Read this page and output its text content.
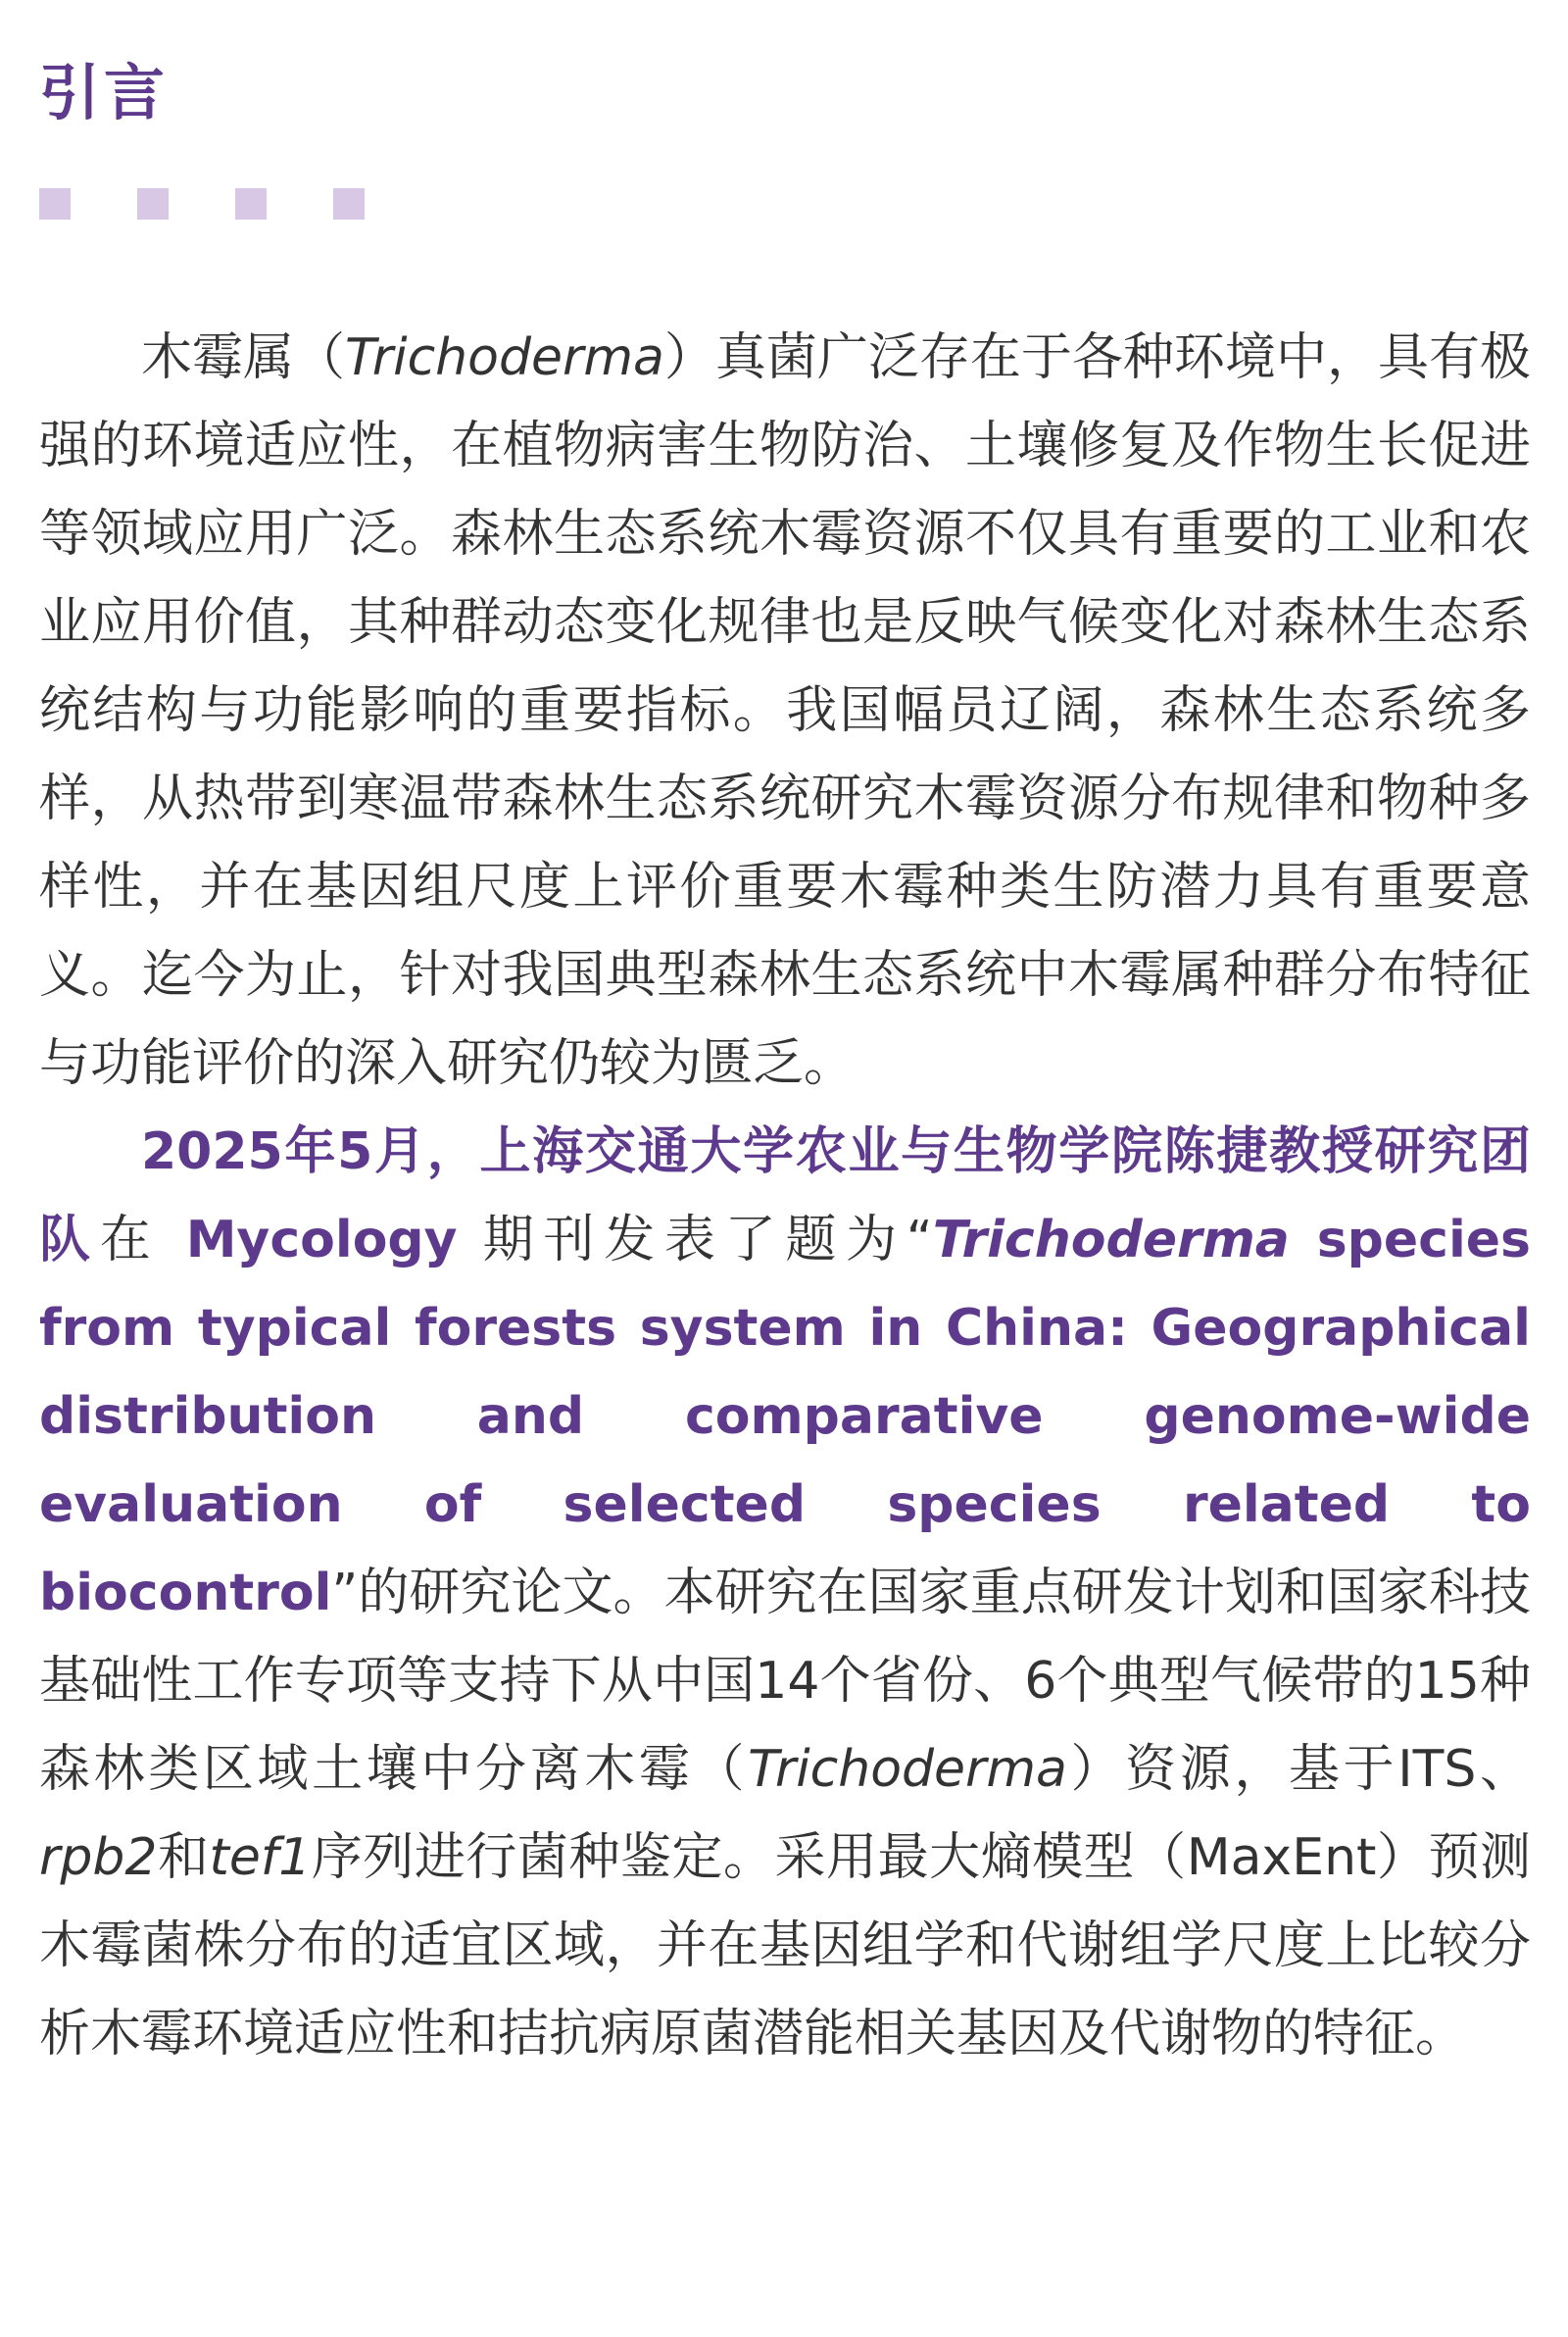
引言

木霉属（Trichoderma）真菌广泛存在于各种环境中，具有极强的环境适应性，在植物病害生物防治、土壤修复及作物生长促进等领域应用广泛。森林生态系统木霉资源不仅具有重要的工业和农业应用价值，其种群动态变化规律也是反映气候变化对森林生态系统结构与功能影响的重要指标。我国幅员辽阔，森林生态系统多样，从热带到寒温带森林生态系统研究木霉资源分布规律和物种多样性，并在基因组尺度上评价重要木霉种类生防潜力具有重要意义。迄今为止，针对我国典型森林生态系统中木霉属种群分布特征与功能评价的深入研究仍较为匮乏。

2025年5月，上海交通大学农业与生物学院陈捷教授研究团队在 Mycology 期刊发表了题为“Trichoderma species from typical forests system in China: Geographical distribution and comparative genome-wide evaluation of selected species related to biocontrol”的研究论文。本研究在国家重点研发计划和国家科技基础性工作专项等支持下从中国14个省份、6个典型气候带的15种森林类区域土壤中分离木霉（Trichoderma）资源，基于ITS、rpb2和tef1序列进行菌种鉴定。采用最大熵模型（MaxEnt）预测木霉菌株分布的适宜区域，并在基因组学和代谢组学尺度上比较分析木霉环境适应性和拮抗病原菌潜能相关基因及代谢物的特征。
